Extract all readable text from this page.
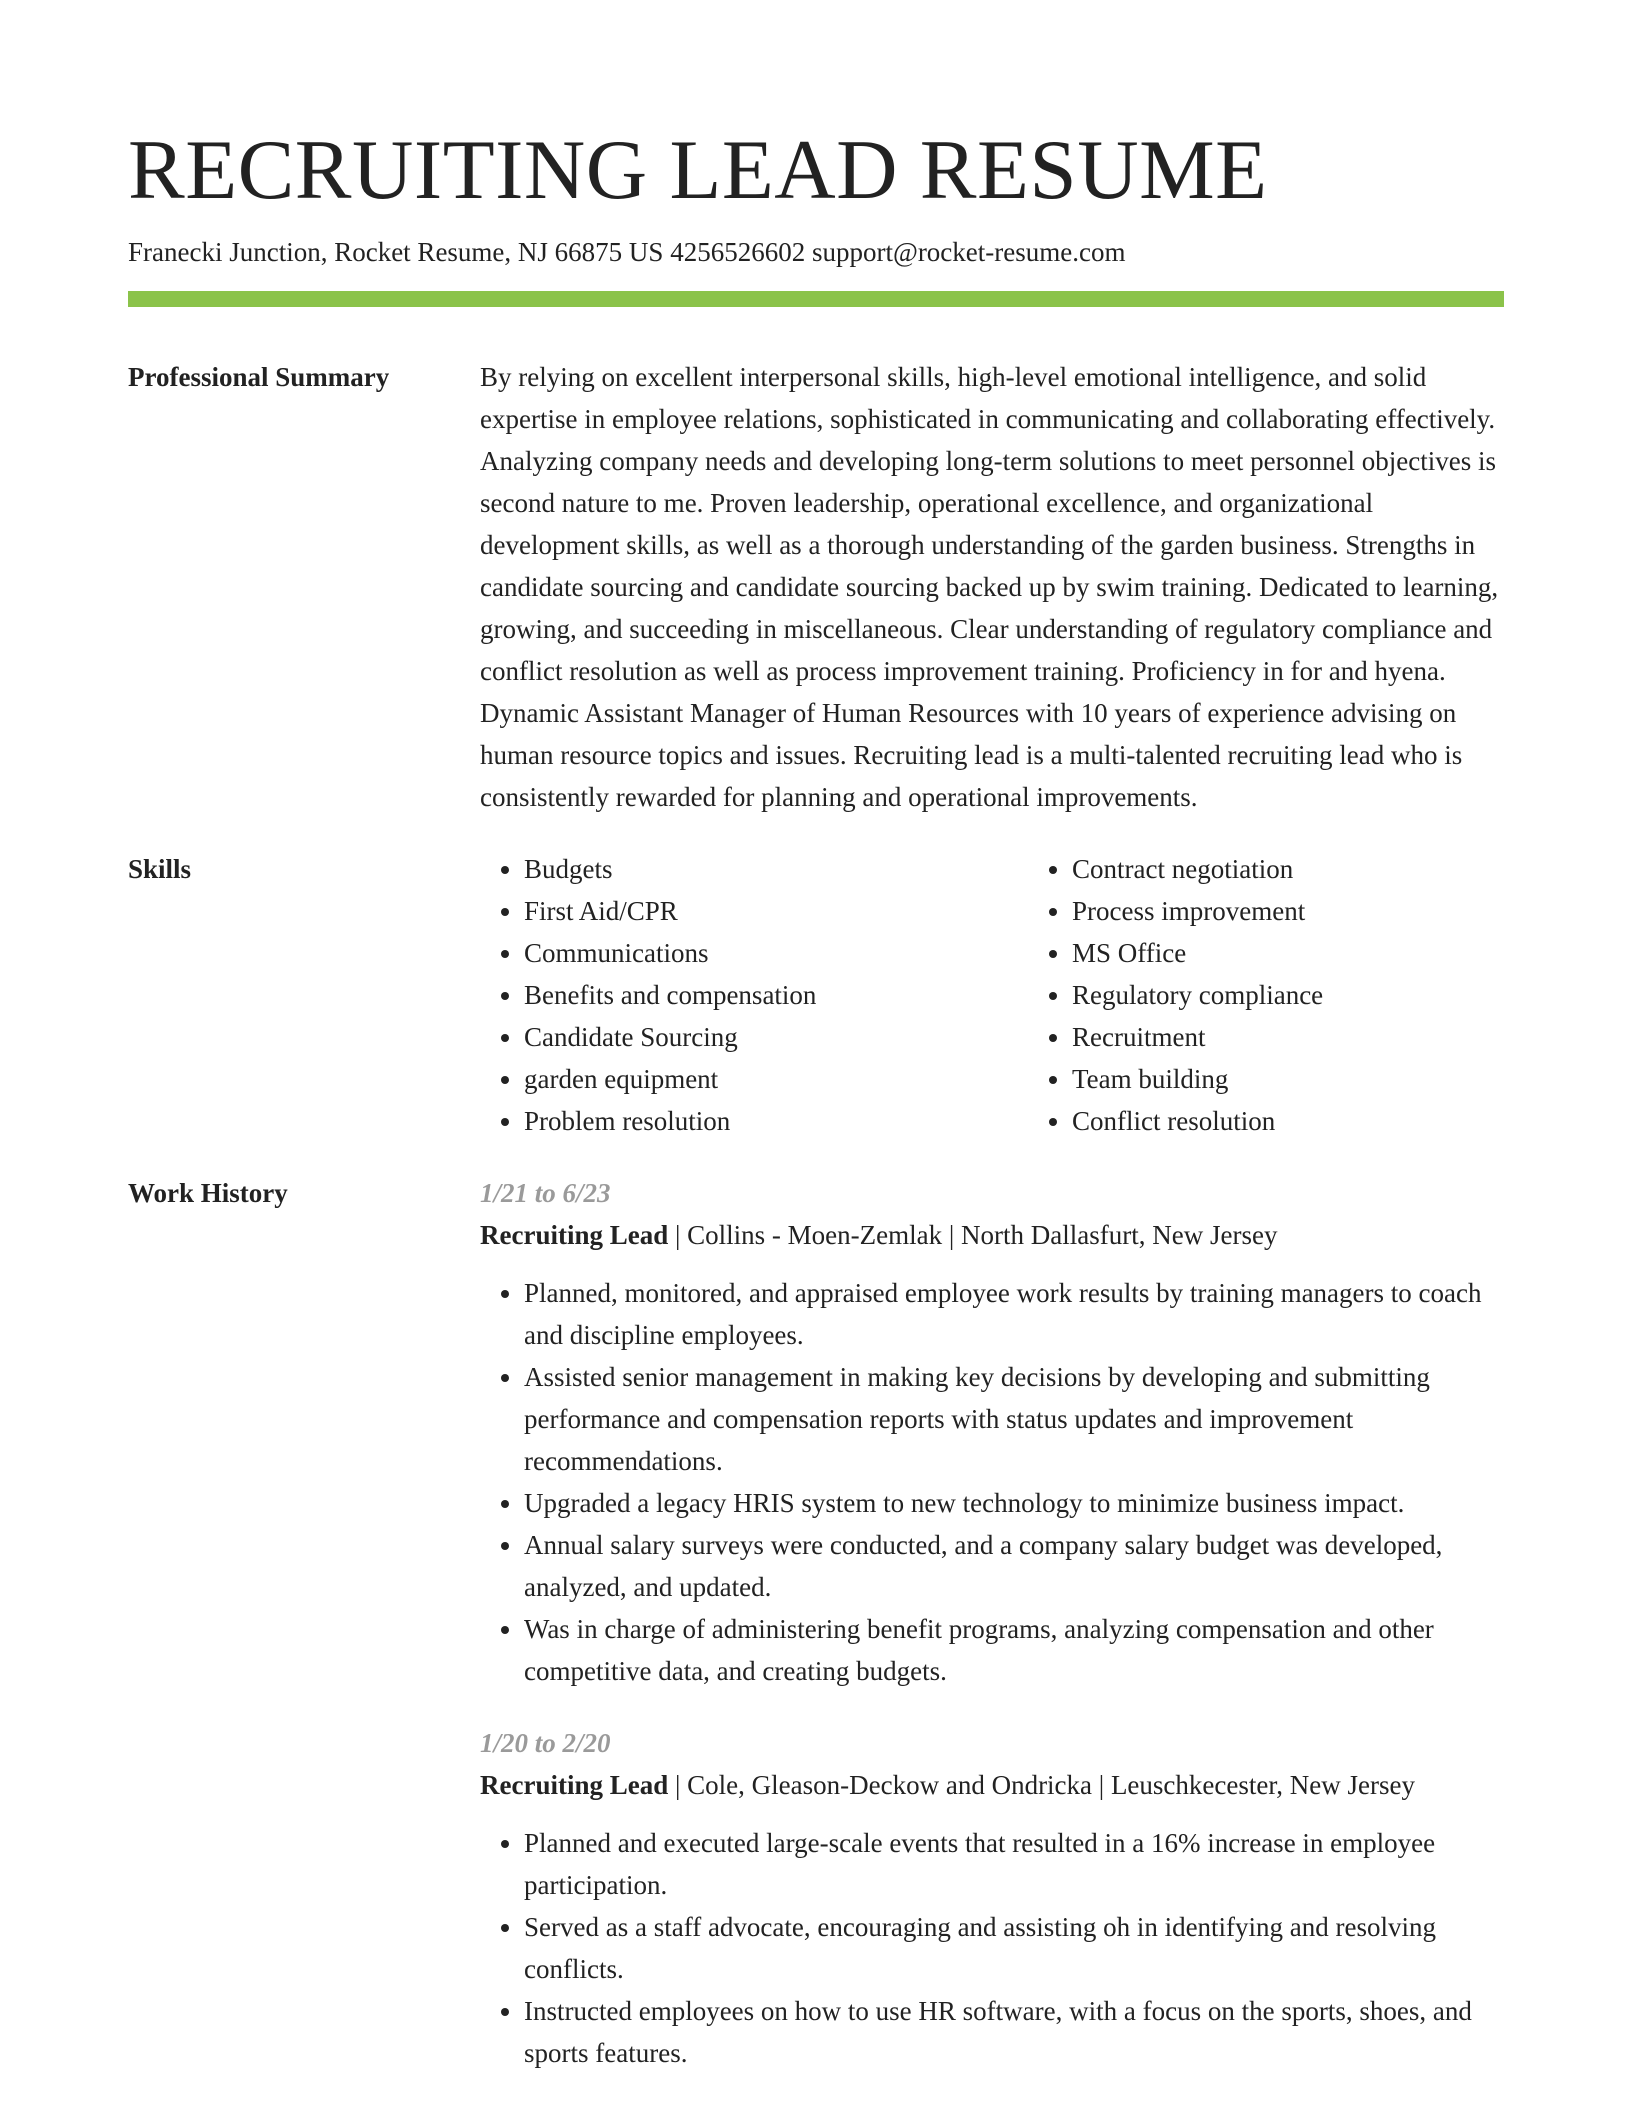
RECRUITING LEAD RESUME
Franecki Junction, Rocket Resume, NJ 66875 US 4256526602 support@rocket-resume.com
Professional Summary	By relying on excellent interpersonal skills, high-level emotional intelligence, and solid expertise in employee relations, sophisticated in communicating and collaborating effectively. Analyzing company needs and developing long-term solutions to meet personnel objectives is second nature to me. Proven leadership, operational excellence, and organizational development skills, as well as a thorough understanding of the garden business. Strengths in candidate sourcing and candidate sourcing backed up by swim training. Dedicated to learning, growing, and succeeding in miscellaneous. Clear understanding of regulatory compliance and conflict resolution as well as process improvement training. Proficiency in for and hyena. Dynamic Assistant Manager of Human Resources with 10 years of experience advising on human resource topics and issues. Recruiting lead is a multi-talented recruiting lead who is consistently rewarded for planning and operational improvements.

Skills
•	Budgets
• First Aid/CPR
• Communications
• Benefits and compensation
• Candidate Sourcing
• garden equipment
• Problem resolution
• Contract negotiation
• Process improvement
• MS Office
• Regulatory compliance
• Recruitment
• Team building
• Conflict resolution
Work History	1/21 to 6/23
Recruiting Lead | Collins - Moen-Zemlak | North Dallasfurt, New Jersey
• Planned, monitored, and appraised employee work results by training managers to coach and discipline employees.
• Assisted senior management in making key decisions by developing and submitting performance and compensation reports with status updates and improvement recommendations.
• Upgraded a legacy HRIS system to new technology to minimize business impact.
• Annual salary surveys were conducted, and a company salary budget was developed, analyzed, and updated.
• Was in charge of administering benefit programs, analyzing compensation and other competitive data, and creating budgets.
1/20 to 2/20
Recruiting Lead | Cole, Gleason-Deckow and Ondricka | Leuschkecester, New Jersey
• Planned and executed large-scale events that resulted in a 16% increase in employee participation.
• Served as a staff advocate, encouraging and assisting oh in identifying and resolving conflicts.
• Instructed employees on how to use HR software, with a focus on the sports, shoes, and sports features.
